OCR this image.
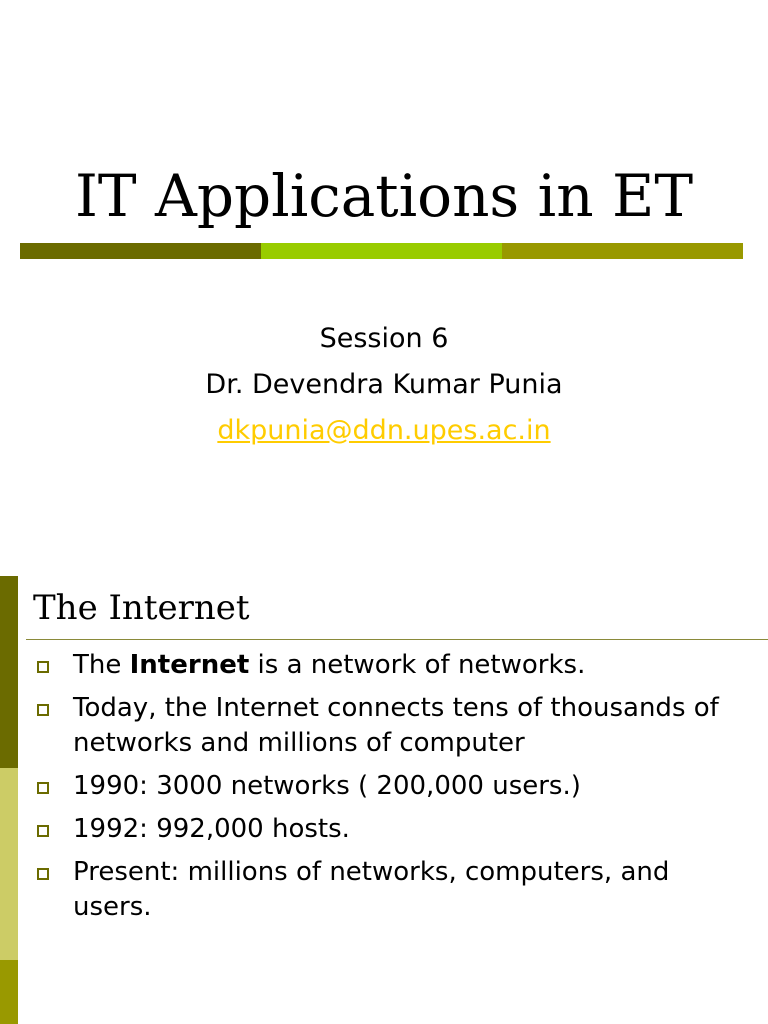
IT Applications in ET
Session 6
Dr. Devendra Kumar Punia
dkpunia@ddn.upes.ac.in
The Internet
The Internet is a network of networks.
Today, the Internet connects tens of thousands of networks and millions of computer
1990: 3000 networks ( 200,000 users.)
1992: 992,000 hosts.
Present: millions of networks, computers, and users.
